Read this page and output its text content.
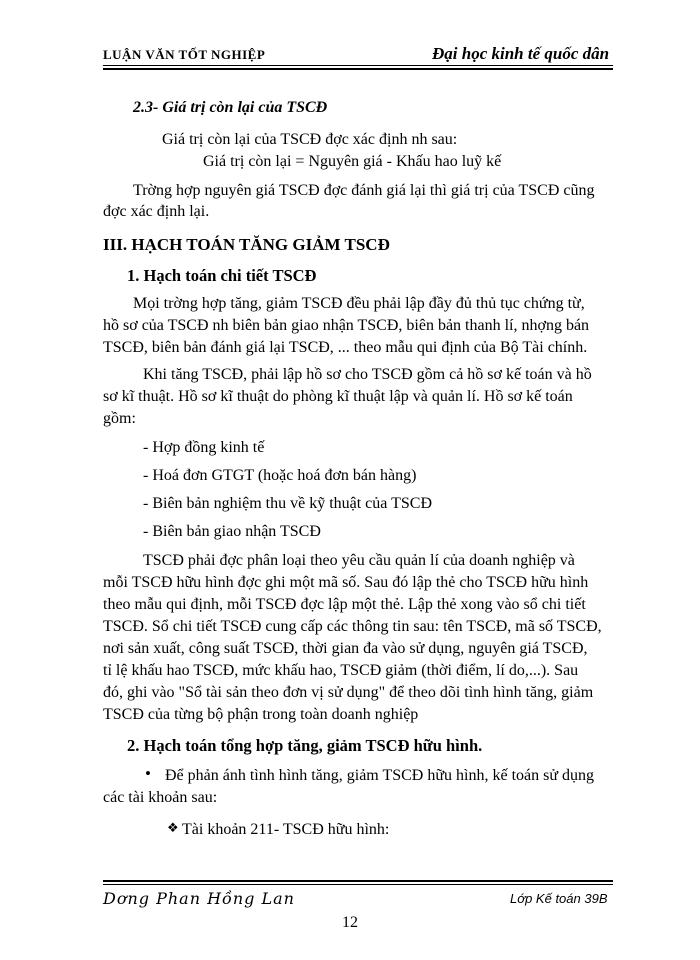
LUẬN VĂN TỐT NGHIỆP	Đại học kinh tế quốc dân
2.3- Giá trị còn lại của TSCĐ
Giá trị còn lại của TSCĐ đợc xác định nh sau:
Giá trị còn lại = Nguyên giá - Khấu hao luỹ kế
Trờng hợp nguyên giá TSCĐ đợc đánh giá lại thì giá trị của TSCĐ cũng
đợc xác định lại.
III. HẠCH TOÁN TĂNG GIẢM TSCĐ
1. Hạch toán chi tiết TSCĐ
Mọi trờng hợp tăng, giảm TSCĐ đều phải lập đầy đủ thủ tục chứng từ,
hồ sơ của TSCĐ nh biên bản giao nhận TSCĐ, biên bản thanh lí, nhợng bán
TSCĐ, biên bản đánh giá lại TSCĐ, ... theo mẫu qui định của Bộ Tài chính.
Khi tăng TSCĐ, phải lập hồ sơ cho TSCĐ gồm cả hồ sơ kế toán và hồ
sơ kĩ thuật. Hồ sơ kĩ thuật do phòng kĩ thuật lập và quản lí. Hồ sơ kế toán
gồm:
- Hợp đồng kinh tế
- Hoá đơn GTGT (hoặc hoá đơn bán hàng)
- Biên bản nghiệm thu về kỹ thuật của TSCĐ
- Biên bản giao nhận TSCĐ
TSCĐ phải đợc phân loại theo yêu cầu quản lí của doanh nghiệp và
mỗi TSCĐ hữu hình đợc ghi một mã số. Sau đó lập thẻ cho TSCĐ hữu hình
theo mẫu qui định, mỗi TSCĐ đợc lập một thẻ. Lập thẻ xong vào sổ chi tiết
TSCĐ. Sổ chi tiết TSCĐ cung cấp các thông tin sau: tên TSCĐ, mã số TSCĐ,
nơi sản xuất, công suất TSCĐ, thời gian đa vào sử dụng, nguyên giá TSCĐ,
tỉ lệ khấu hao TSCĐ, mức khấu hao, TSCĐ giảm (thời điểm, lí do,...). Sau
đó, ghi vào "Sổ tài sản theo đơn vị sử dụng" để theo dõi tình hình tăng, giảm
TSCĐ của từng bộ phận trong toàn doanh nghiệp
2. Hạch toán tổng hợp tăng, giảm TSCĐ hữu hình.
• Để phản ánh tình hình tăng, giảm TSCĐ hữu hình, kế toán sử dụng
các tài khoản sau:
❖ Tài khoản 211- TSCĐ hữu hình:
Dơng Phan Hồng Lan	Lớp Kế toán 39B
12
